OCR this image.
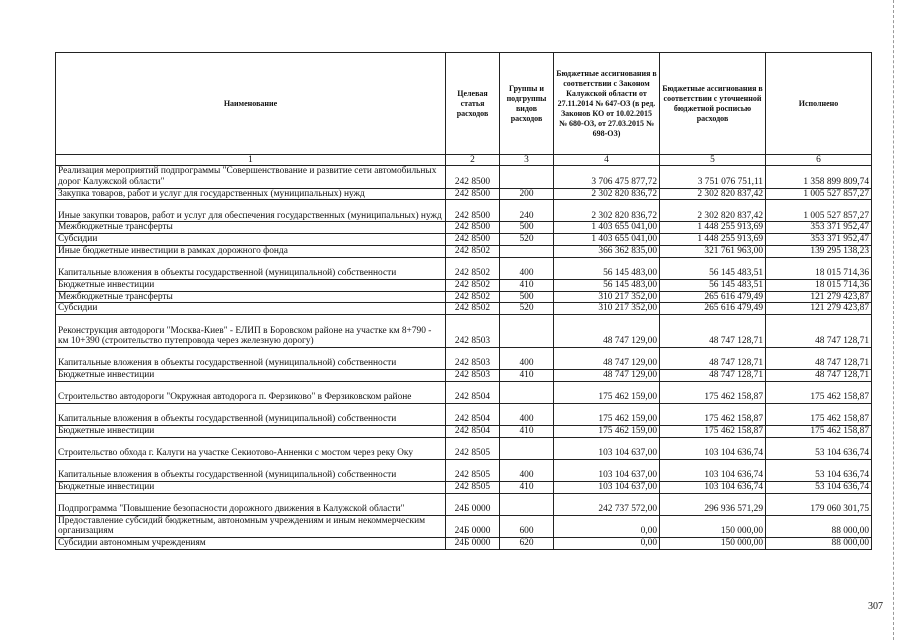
Наименование	Целевая статья расходов	Группы и подгруппы видов расходов	Бюджетные ассигнования в соответствии с Законом Калужской области от 27.11.2014 № 647-ОЗ (в ред. Законов КО от 10.02.2015 № 680-ОЗ, от 27.03.2015 № 698-ОЗ)	Бюджетные ассигнования в соответствии с уточненной бюджетной росписью расходов	Исполнено
1	2	3	4	5	6
Реализация мероприятий подпрограммы "Совершенствование и развитие сети автомобильных дорог Калужской области"	242 8500		3 706 475 877,72	3 751 076 751,11	1 358 899 809,74
Закупка товаров, работ и услуг для государственных (муниципальных) нужд	242 8500	200	2 302 820 836,72	2 302 820 837,42	1 005 527 857,27
Иные закупки товаров, работ и услуг для обеспечения государственных (муниципальных) нужд	242 8500	240	2 302 820 836,72	2 302 820 837,42	1 005 527 857,27
Межбюджетные трансферты	242 8500	500	1 403 655 041,00	1 448 255 913,69	353 371 952,47
Субсидии	242 8500	520	1 403 655 041,00	1 448 255 913,69	353 371 952,47
Иные бюджетные инвестиции в рамках дорожного фонда	242 8502		366 362 835,00	321 761 963,00	139 295 138,23
Капитальные вложения в объекты государственной (муниципальной) собственности	242 8502	400	56 145 483,00	56 145 483,51	18 015 714,36
Бюджетные инвестиции	242 8502	410	56 145 483,00	56 145 483,51	18 015 714,36
Межбюджетные трансферты	242 8502	500	310 217 352,00	265 616 479,49	121 279 423,87
Субсидии	242 8502	520	310 217 352,00	265 616 479,49	121 279 423,87
Реконструкция автодороги "Москва-Киев" - ЕЛИП в Боровском районе на участке км 8+790 - км 10+390 (строительство путепровода через железную дорогу)	242 8503		48 747 129,00	48 747 128,71	48 747 128,71
Капитальные вложения в объекты государственной (муниципальной) собственности	242 8503	400	48 747 129,00	48 747 128,71	48 747 128,71
Бюджетные инвестиции	242 8503	410	48 747 129,00	48 747 128,71	48 747 128,71
Строительство автодороги "Окружная автодорога п. Ферзиково" в Ферзиковском районе	242 8504		175 462 159,00	175 462 158,87	175 462 158,87
Капитальные вложения в объекты государственной (муниципальной) собственности	242 8504	400	175 462 159,00	175 462 158,87	175 462 158,87
Бюджетные инвестиции	242 8504	410	175 462 159,00	175 462 158,87	175 462 158,87
Строительство обхода г. Калуги на участке Секиотово-Анненки с мостом через реку Оку	242 8505		103 104 637,00	103 104 636,74	53 104 636,74
Капитальные вложения в объекты государственной (муниципальной) собственности	242 8505	400	103 104 637,00	103 104 636,74	53 104 636,74
Бюджетные инвестиции	242 8505	410	103 104 637,00	103 104 636,74	53 104 636,74
Подпрограмма "Повышение безопасности дорожного движения в Калужской области"	24Б 0000		242 737 572,00	296 936 571,29	179 060 301,75
Предоставление субсидий бюджетным, автономным учреждениям и иным некоммерческим организациям	24Б 0000	600	0,00	150 000,00	88 000,00
Субсидии автономным учреждениям	24Б 0000	620	0,00	150 000,00	88 000,00
307
